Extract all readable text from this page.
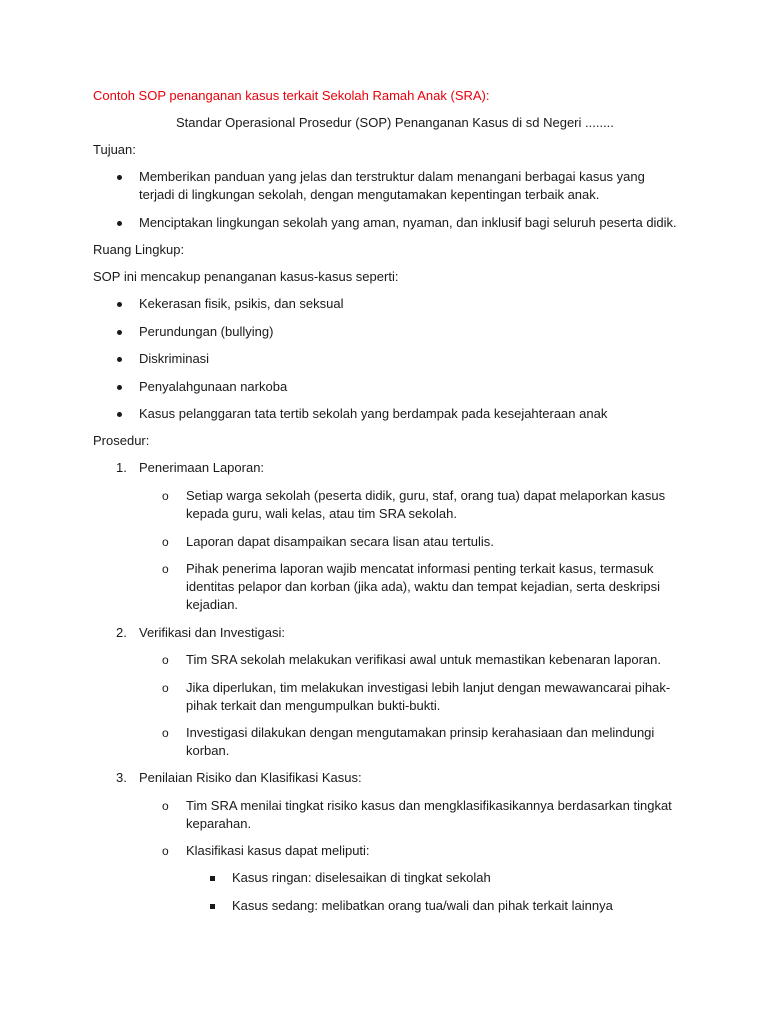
Contoh SOP penanganan kasus terkait Sekolah Ramah Anak (SRA):
Standar Operasional Prosedur (SOP) Penanganan Kasus di sd Negeri ........
Tujuan:
Memberikan panduan yang jelas dan terstruktur dalam menangani berbagai kasus yang
terjadi di lingkungan sekolah, dengan mengutamakan kepentingan terbaik anak.
Menciptakan lingkungan sekolah yang aman, nyaman, dan inklusif bagi seluruh peserta didik.
Ruang Lingkup:
SOP ini mencakup penanganan kasus-kasus seperti:
Kekerasan fisik, psikis, dan seksual
Perundungan (bullying)
Diskriminasi
Penyalahgunaan narkoba
Kasus pelanggaran tata tertib sekolah yang berdampak pada kesejahteraan anak
Prosedur:
1. Penerimaan Laporan:
o Setiap warga sekolah (peserta didik, guru, staf, orang tua) dapat melaporkan kasus
kepada guru, wali kelas, atau tim SRA sekolah.
o Laporan dapat disampaikan secara lisan atau tertulis.
o Pihak penerima laporan wajib mencatat informasi penting terkait kasus, termasuk
identitas pelapor dan korban (jika ada), waktu dan tempat kejadian, serta deskripsi
kejadian.
2. Verifikasi dan Investigasi:
o Tim SRA sekolah melakukan verifikasi awal untuk memastikan kebenaran laporan.
o Jika diperlukan, tim melakukan investigasi lebih lanjut dengan mewawancarai pihak-
pihak terkait dan mengumpulkan bukti-bukti.
o Investigasi dilakukan dengan mengutamakan prinsip kerahasiaan dan melindungi
korban.
3. Penilaian Risiko dan Klasifikasi Kasus:
o Tim SRA menilai tingkat risiko kasus dan mengklasifikasikannya berdasarkan tingkat
keparahan.
o Klasifikasi kasus dapat meliputi:
Kasus ringan: diselesaikan di tingkat sekolah
Kasus sedang: melibatkan orang tua/wali dan pihak terkait lainnya
